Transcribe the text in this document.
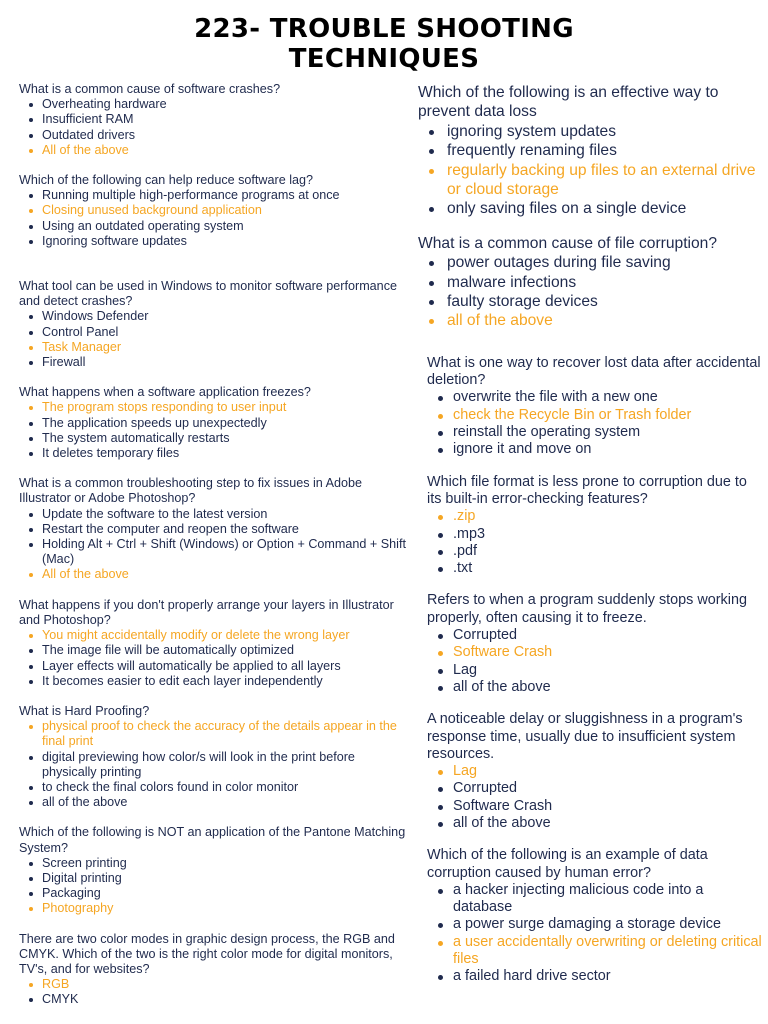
223- TROUBLE SHOOTING
TECHNIQUES

What is a common cause of software crashes?

Overheating hardware
Insufficient RAM
Outdated drivers
All of the above

Which of the following can help reduce software lag?

Running multiple high-performance programs at once
Closing unused background application
Using an outdated operating system
Ignoring software updates

What tool can be used in Windows to monitor software performance and detect crashes?

Windows Defender
Control Panel
Task Manager
Firewall

What happens when a software application freezes?

The program stops responding to user input
The application speeds up unexpectedly
The system automatically restarts
It deletes temporary files

What is a common troubleshooting step to fix issues in Adobe Illustrator or Adobe Photoshop?

Update the software to the latest version
Restart the computer and reopen the software
Holding Alt + Ctrl + Shift (Windows) or Option + Command + Shift (Mac)
All of the above

What happens if you don't properly arrange your layers in Illustrator and Photoshop?

You might accidentally modify or delete the wrong layer
The image file will be automatically optimized
Layer effects will automatically be applied to all layers
It becomes easier to edit each layer independently

What is Hard Proofing?

physical proof to check the accuracy of the details appear in the final print
digital previewing how color/s will look in the print before physically printing
to check the final colors found in color monitor
all of the above

Which of the following is NOT an application of the Pantone Matching System?

Screen printing
Digital printing
Packaging
Photography

There are two color modes in graphic design process, the RGB and CMYK. Which of the two is the right color mode for digital monitors, TV's, and for websites?

RGB
CMYK

Which of the following is an effective way to prevent data loss

ignoring system updates
frequently renaming files
regularly backing up files to an external drive or cloud storage
only saving files on a single device

What is a common cause of file corruption?

power outages during file saving
malware infections
faulty storage devices
all of the above

What is one way to recover lost data after accidental deletion?

overwrite the file with a new one
check the Recycle Bin or Trash folder
reinstall the operating system
ignore it and move on

Which file format is less prone to corruption due to its built-in error-checking features?

.zip
.mp3
.pdf
.txt

Refers to when a program suddenly stops working properly, often causing it to freeze.

Corrupted
Software Crash
Lag
all of the above

A noticeable delay or sluggishness in a program's response time, usually due to insufficient system resources.

Lag
Corrupted
Software Crash
all of the above

Which of the following is an example of data corruption caused by human error?

a hacker injecting malicious code into a database
a power surge damaging a storage device
a user accidentally overwriting or deleting critical files
a failed hard drive sector
